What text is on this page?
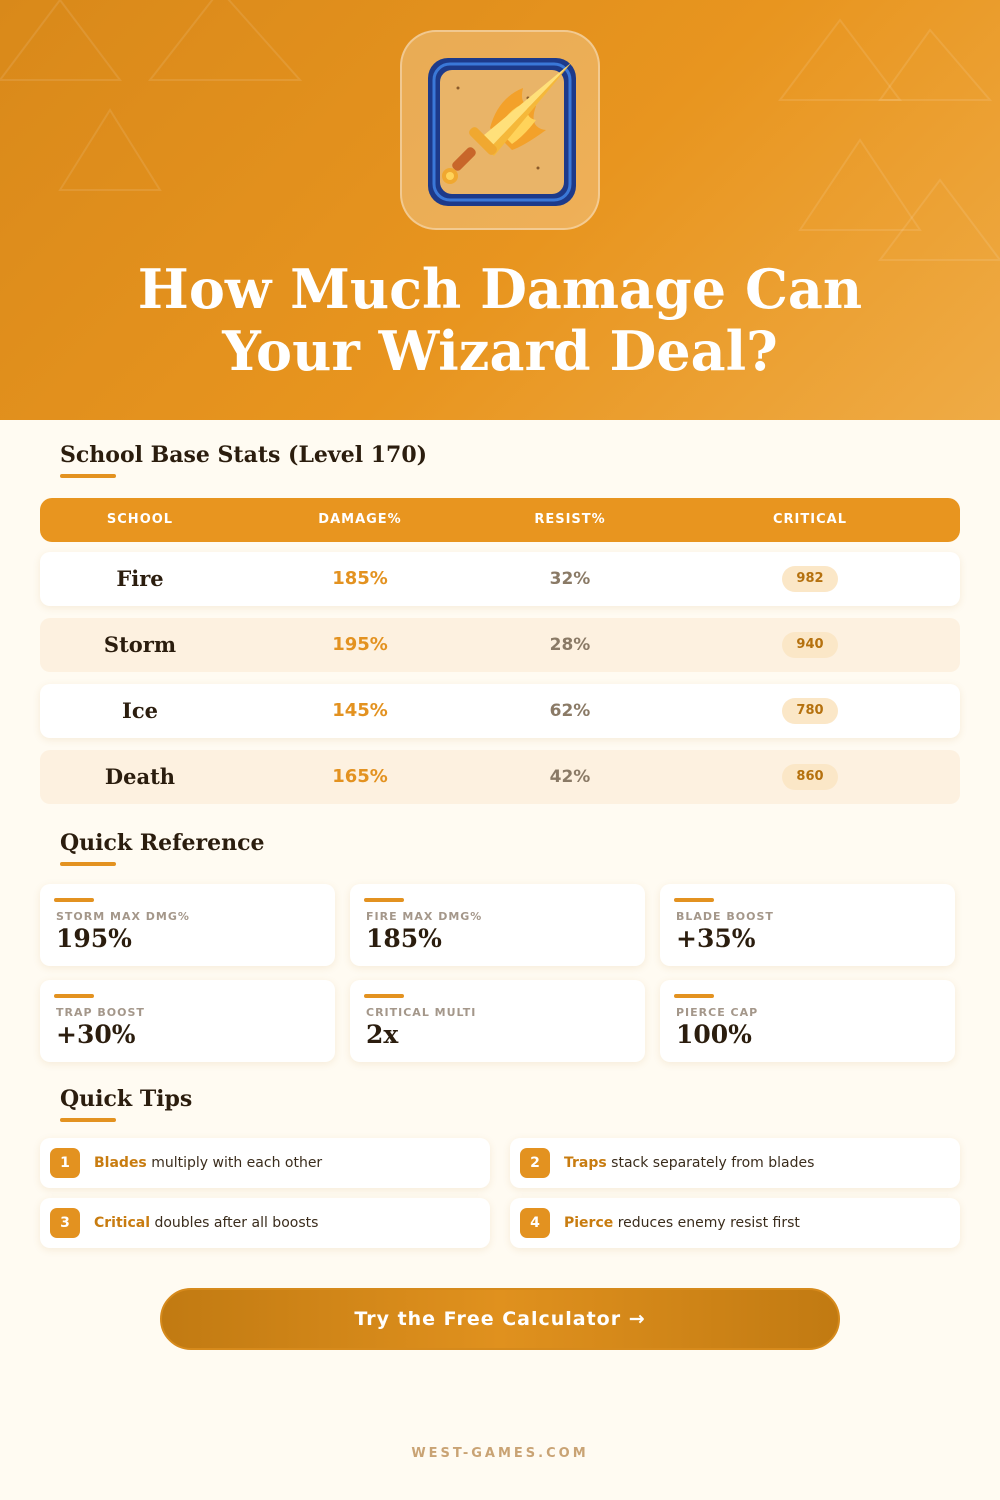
How Much Damage Can
Your Wizard Deal?
School Base Stats (Level 170)
SCHOOL	DAMAGE%	RESIST%	CRITICAL
Fire	185%	32%	982
Storm	195%	28%	940
Ice	145%	62%	780
Death	165%	42%	860
Quick Reference
STORM MAX DMG%
195%
FIRE MAX DMG%
185%
BLADE BOOST
+35%
TRAP BOOST
+30%
CRITICAL MULTI
2x
PIERCE CAP
100%
Quick Tips
1	Blades multiply with each other	2	Traps stack separately from blades
3	Critical doubles after all boosts	4	Pierce reduces enemy resist first
Try the Free Calculator →
WEST-GAMES.COM
